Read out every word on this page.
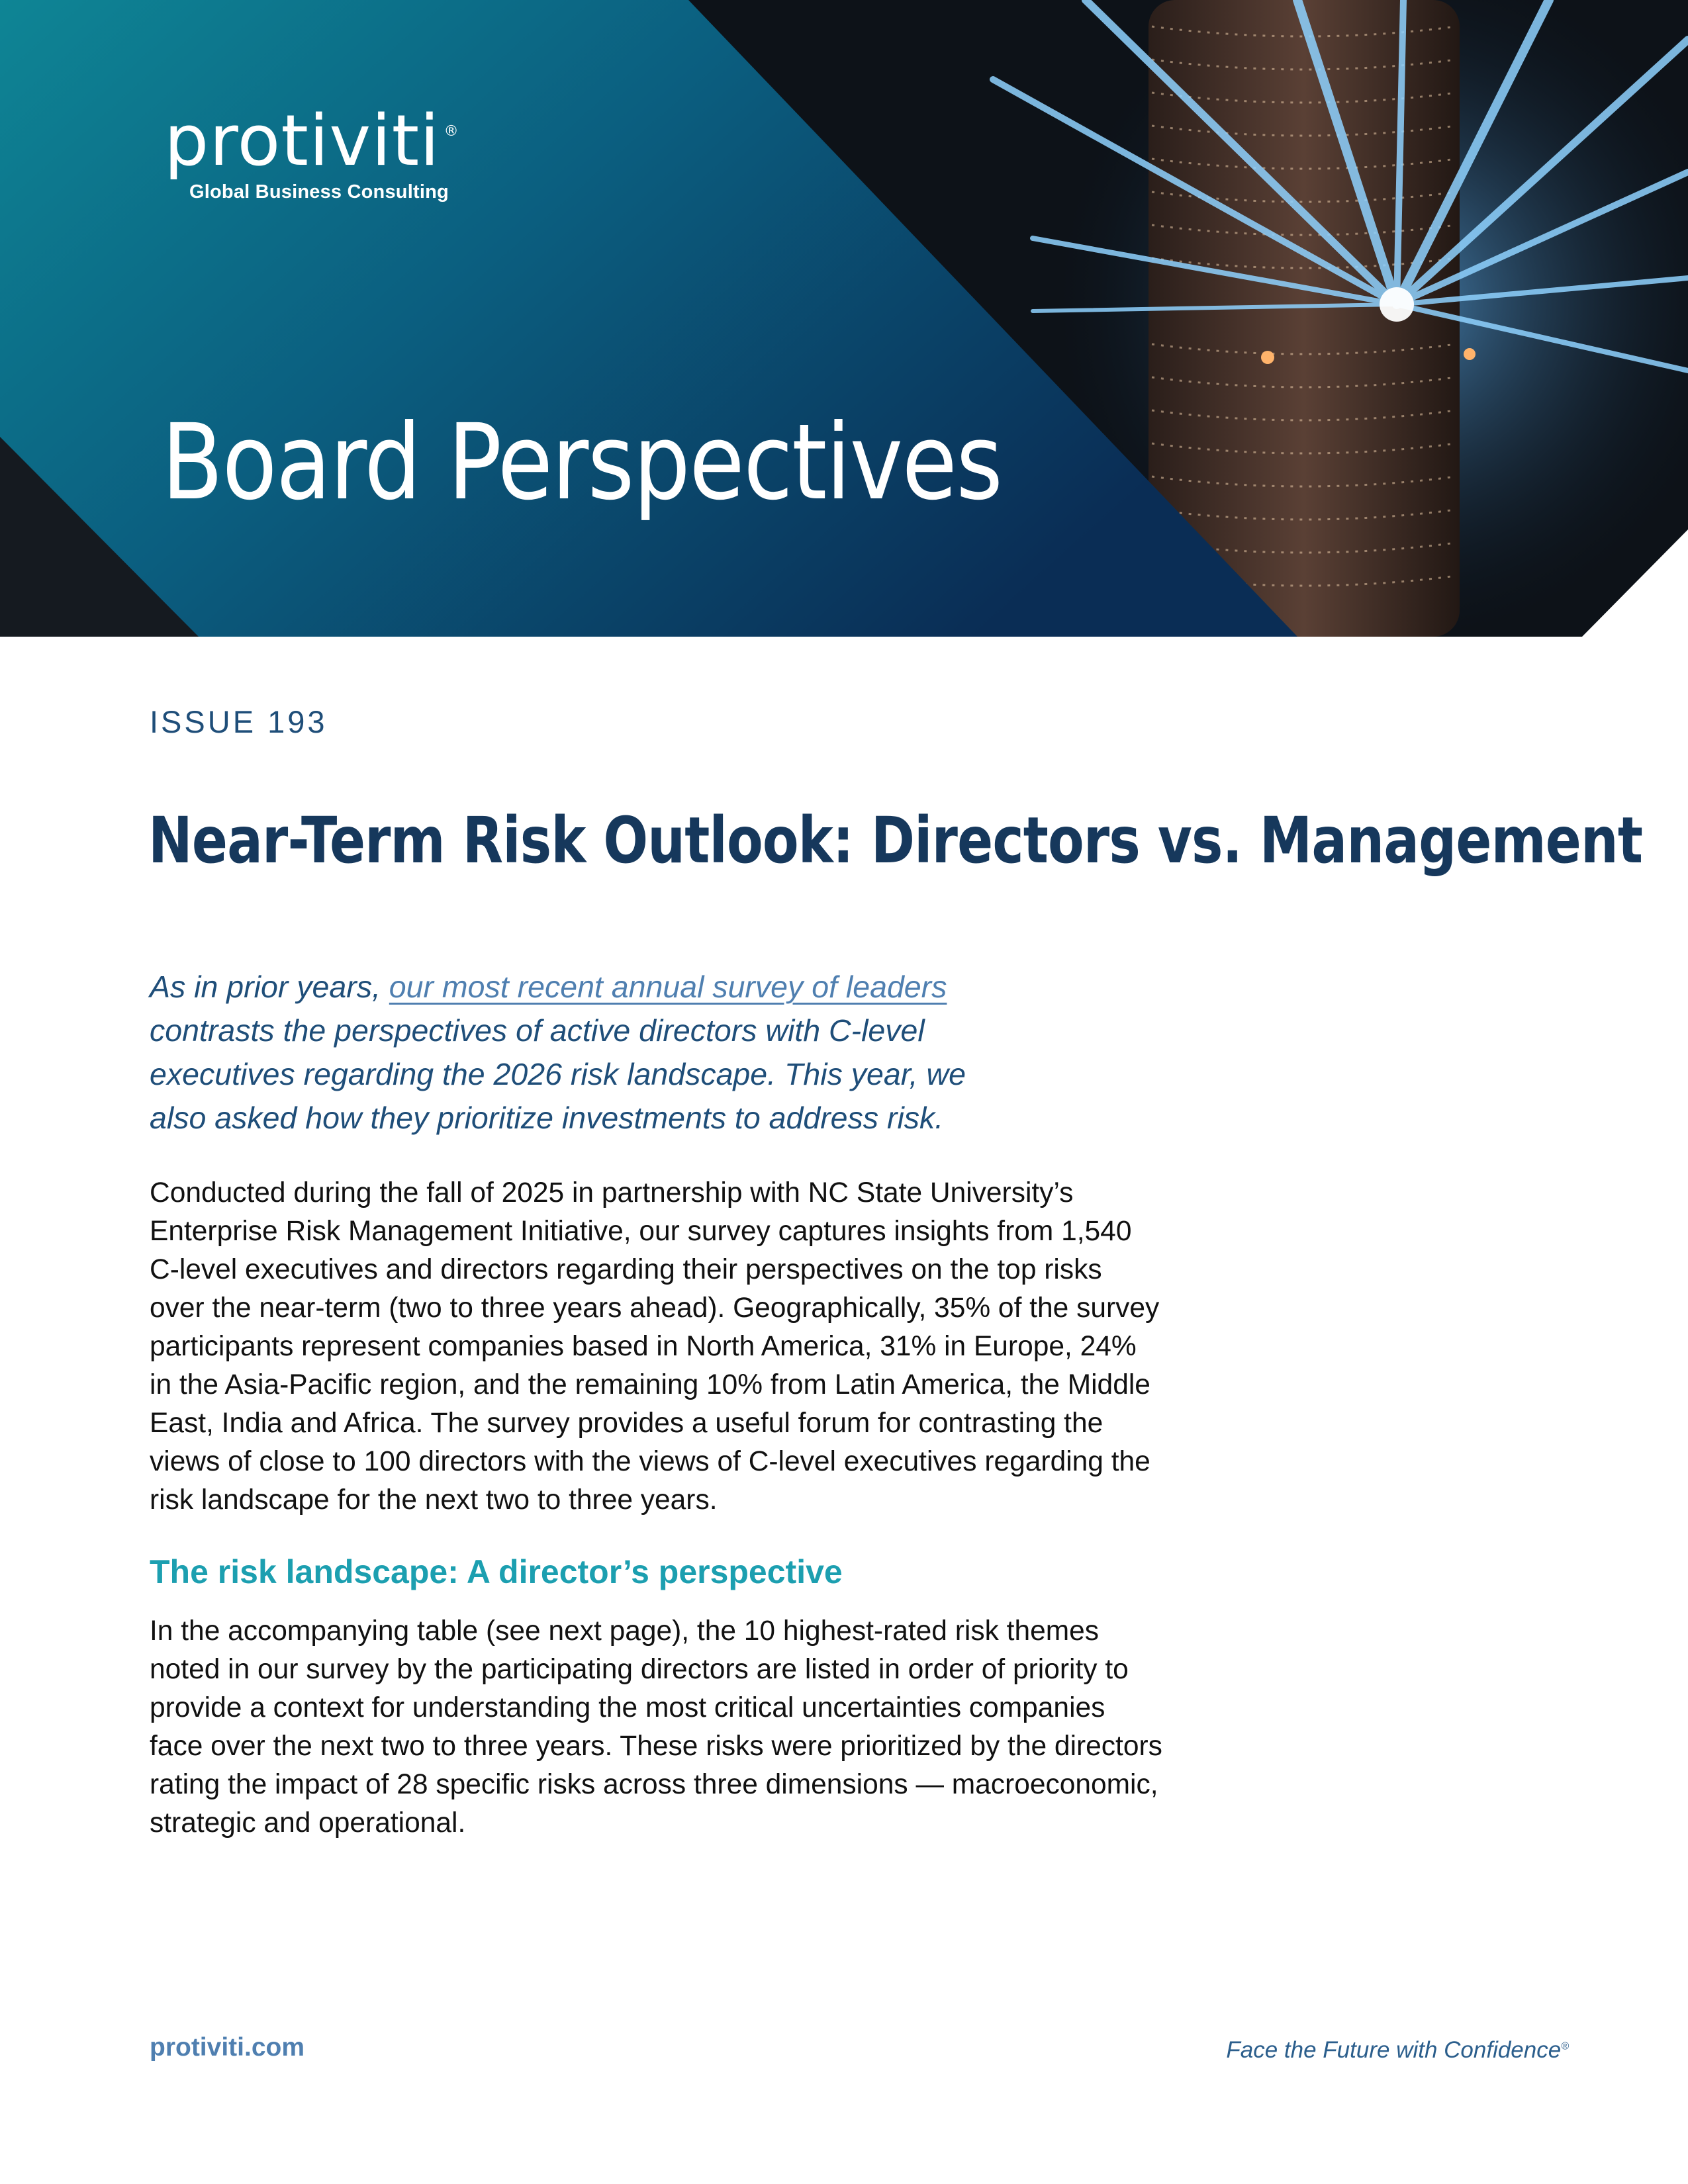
protiviti ®
Global Business Consulting
Board Perspectives
ISSUE 193
Near-Term Risk Outlook: Directors vs. Management
As in prior years, our most recent annual survey of leaders
contrasts the perspectives of active directors with C-level
executives regarding the 2026 risk landscape. This year, we
also asked how they prioritize investments to address risk.
Conducted during the fall of 2025 in partnership with NC State University’s
Enterprise Risk Management Initiative, our survey captures insights from 1,540
C-level executives and directors regarding their perspectives on the top risks
over the near-term (two to three years ahead). Geographically, 35% of the survey
participants represent companies based in North America, 31% in Europe, 24%
in the Asia-Pacific region, and the remaining 10% from Latin America, the Middle
East, India and Africa. The survey provides a useful forum for contrasting the
views of close to 100 directors with the views of C-level executives regarding the
risk landscape for the next two to three years.
The risk landscape: A director’s perspective
In the accompanying table (see next page), the 10 highest-rated risk themes
noted in our survey by the participating directors are listed in order of priority to
provide a context for understanding the most critical uncertainties companies
face over the next two to three years. These risks were prioritized by the directors
rating the impact of 28 specific risks across three dimensions — macroeconomic,
strategic and operational.
protiviti.com	Face the Future with Confidence®
